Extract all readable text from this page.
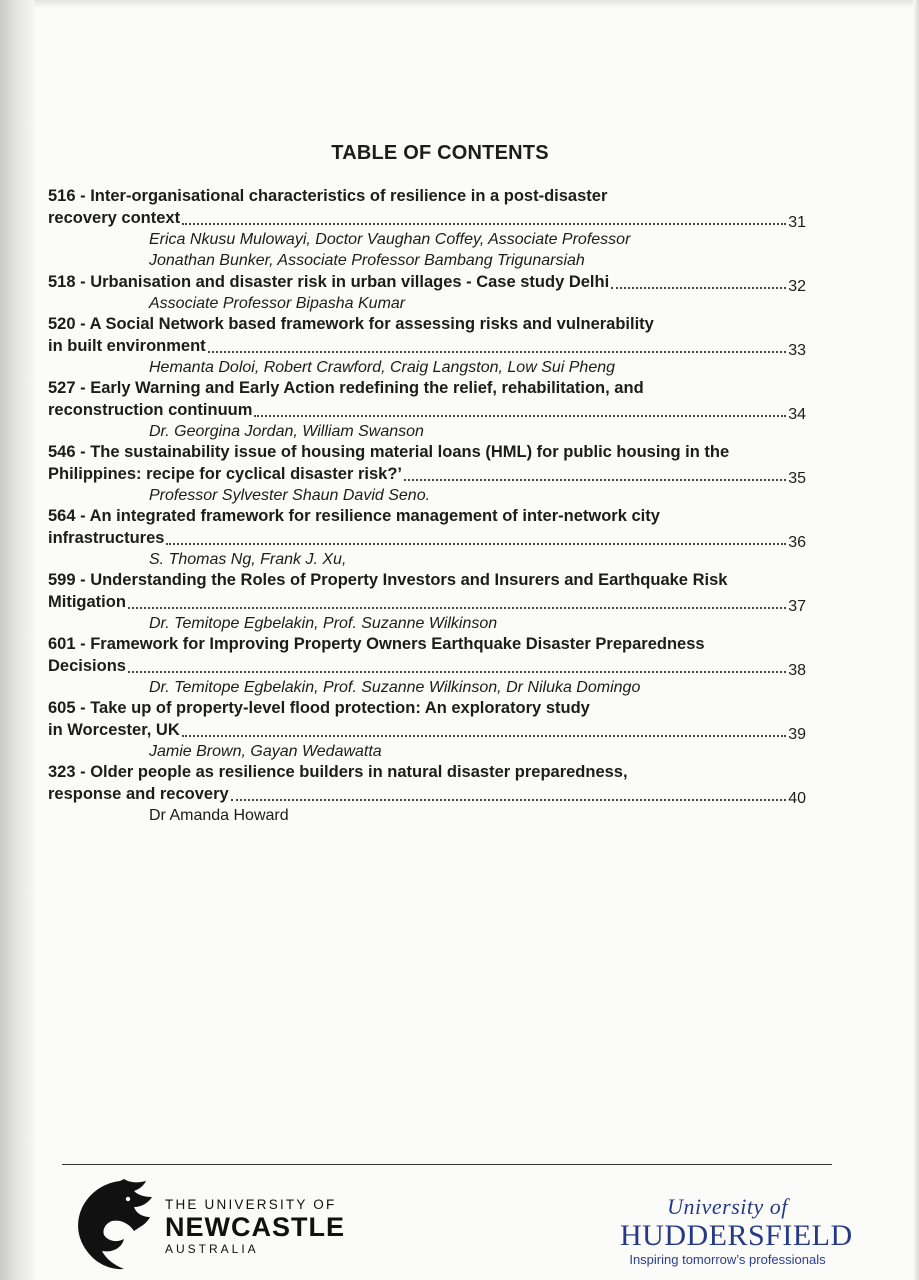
TABLE OF CONTENTS
516 - Inter-organisational characteristics of resilience in a post-disaster
recovery context	31
Erica Nkusu Mulowayi, Doctor Vaughan Coffey, Associate Professor
Jonathan Bunker, Associate Professor Bambang Trigunarsiah
518 - Urbanisation and disaster risk in urban villages - Case study Delhi	32
Associate Professor Bipasha Kumar
520 - A Social Network based framework for assessing risks and vulnerability
in built environment	33
Hemanta Doloi, Robert Crawford, Craig Langston, Low Sui Pheng
527 - Early Warning and Early Action redefining the relief, rehabilitation, and
reconstruction continuum	34
Dr. Georgina Jordan, William Swanson
546 - The sustainability issue of housing material loans (HML) for public housing in the
Philippines: recipe for cyclical disaster risk?’	35
Professor Sylvester Shaun David Seno.
564 - An integrated framework for resilience management of inter-network city
infrastructures	36
S. Thomas Ng, Frank J. Xu,
599 - Understanding the Roles of Property Investors and Insurers and Earthquake Risk
Mitigation	37
Dr. Temitope Egbelakin, Prof. Suzanne Wilkinson
601 - Framework for Improving Property Owners Earthquake Disaster Preparedness
Decisions	38
Dr. Temitope Egbelakin, Prof. Suzanne Wilkinson, Dr Niluka Domingo
605 - Take up of property-level flood protection: An exploratory study
in Worcester, UK	39
Jamie Brown, Gayan Wedawatta
323 - Older people as resilience builders in natural disaster preparedness,
response and recovery	40
Dr Amanda Howard
THE UNIVERSITY OF
NEWCASTLE
AUSTRALIA
University of
HUDDERSFIELD
Inspiring tomorrow’s professionals
